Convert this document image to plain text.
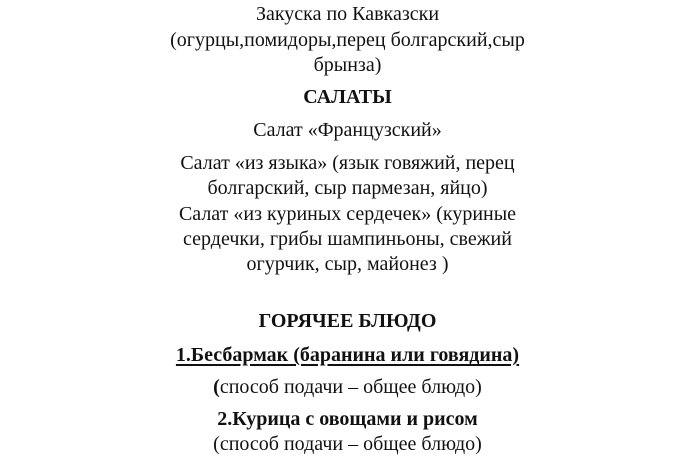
Закуска по Кавказски
(огурцы,помидоры,перец болгарский,сыр
брынза)
САЛАТЫ
Салат «Французский»
Салат «из языка» (язык говяжий, перец
болгарский, сыр пармезан, яйцо)
Салат «из куриных сердечек» (куриные
сердечки, грибы шампиньоны, свежий
огурчик, сыр, майонез )
ГОРЯЧЕЕ БЛЮДО
1.Бесбармак (баранина или говядина)
(способ подачи – общее блюдо)
2.Курица с овощами и рисом
(способ подачи – общее блюдо)
